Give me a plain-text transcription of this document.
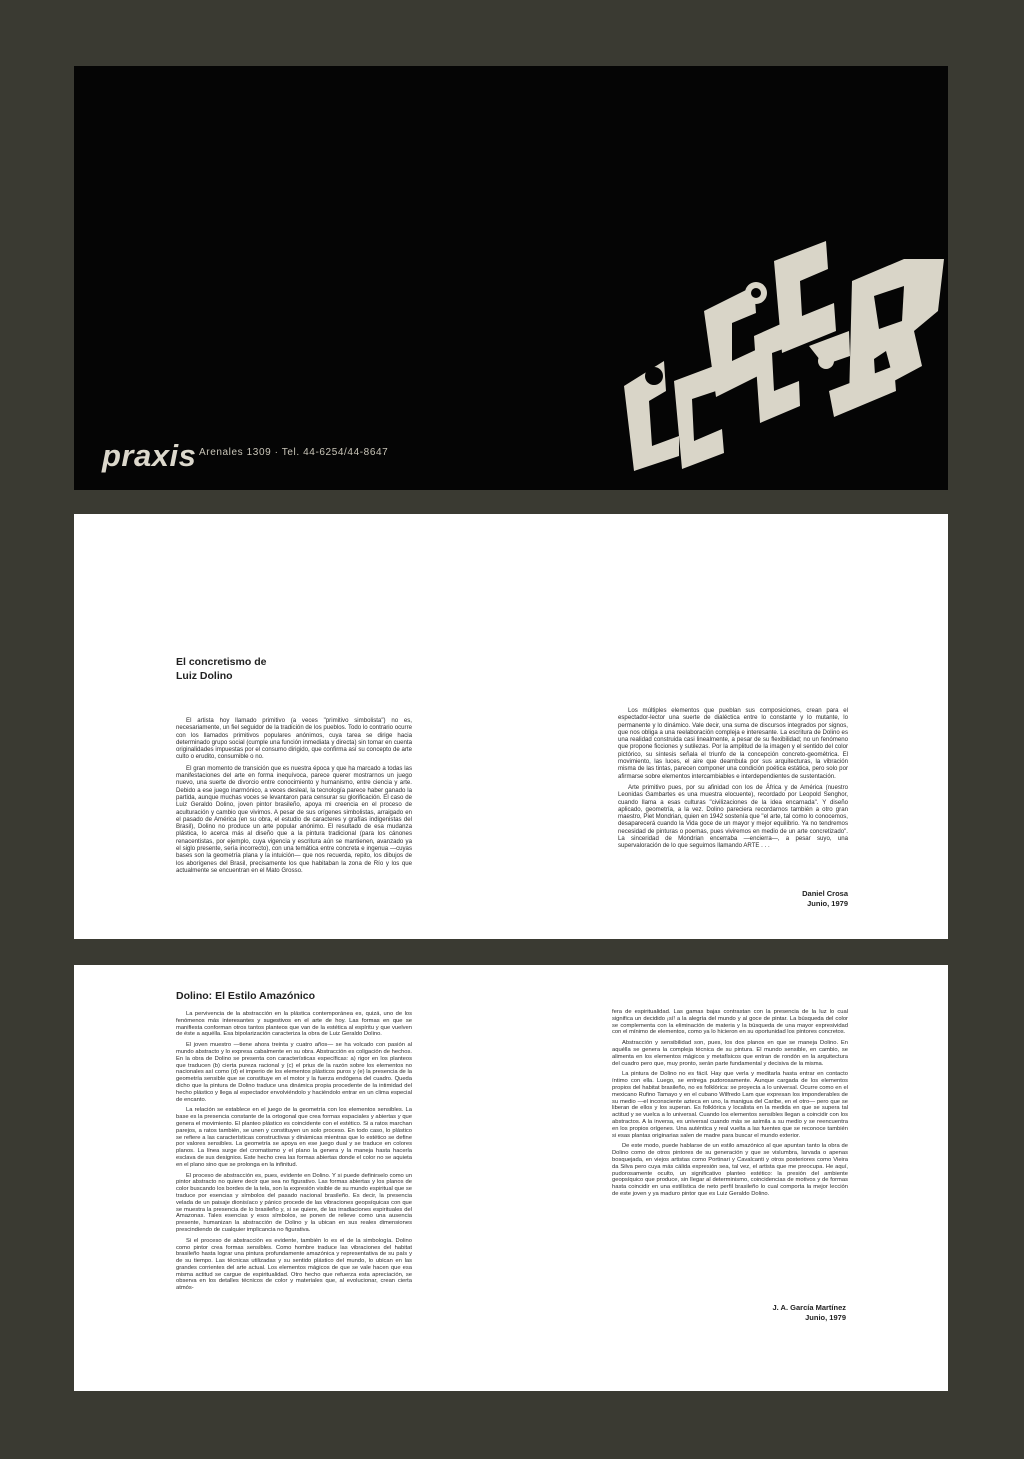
praxis Arenales 1309 · Tel. 44-6254/44-8647
El concretismo de
Luiz Dolino

El artista hoy llamado primitivo (a veces "primitivo simbolista") no es, necesariamente, un fiel seguidor de la tradición de los pueblos. Todo lo contrario ocurre con los llamados primitivos populares anónimos, cuya tarea se dirige hacia determinado grupo social (cumple una función inmediata y directa) sin tomar en cuenta originalidades impuestas por el consumo dirigido, que confirma así su concepto de arte culto o erudito, consumible o no.

El gran momento de transición que es nuestra época y que ha marcado a todas las manifestaciones del arte en forma inequívoca, parece querer mostrarnos un juego nuevo, una suerte de divorcio entre conocimiento y humanismo, entre ciencia y arte. Debido a ese juego inarmónico, a veces desleal, la tecnología parece haber ganado la partida, aunque muchas voces se levantaron para censurar su glorificación. El caso de Luiz Geraldo Dolino, joven pintor brasileño, apoya mi creencia en el proceso de aculturación y cambio que vivimos. A pesar de sus orígenes simbolistas, arraigado en el pasado de América (en su obra, el estudio de caracteres y grafías indigenistas del Brasil), Dolino no produce un arte popular anónimo. El resultado de esa mudanza plástica, lo acerca más al diseño que a la pintura tradicional (para los cánones renacentistas, por ejemplo, cuya vigencia y escritura aún se mantienen, avanzado ya el siglo presente, sería incorrecto), con una temática entre concreta e ingenua —cuyas bases son la geometría plana y la intuición— que nos recuerda, repito, los dibujos de los aborígenes del Brasil, precisamente los que habitaban la zona de Río y los que actualmente se encuentran en el Mato Grosso.

Los múltiples elementos que pueblan sus composiciones, crean para el espectador-lector una suerte de dialéctica entre lo constante y lo mutante, lo permanente y lo dinámico. Vale decir, una suma de discursos integrados por signos, que nos obliga a una reelaboración compleja e interesante. La escritura de Dolino es una realidad construida casi linealmente, a pesar de su flexibilidad; no un fenómeno que propone ficciones y sutilezas. Por la amplitud de la imagen y el sentido del color pictórico, su síntesis señala el triunfo de la concepción concreto-geométrica. El movimiento, las luces, el aire que deambula por sus arquitecturas, la vibración misma de las tintas, parecen componer una condición poética estática, pero solo por afirmarse sobre elementos intercambiables e interdependientes de sustentación.

Arte primitivo pues, por su afinidad con los de África y de América (nuestro Leonidas Gambartes es una muestra elocuente), recordado por Leopold Senghor, cuando llama a esas culturas "civilizaciones de la idea encarnada". Y diseño aplicado, geometría, a la vez. Dolino pareciera recordarnos también a otro gran maestro, Piet Mondrian, quien en 1942 sostenía que "el arte, tal como lo conocemos, desaparecerá cuando la Vida goce de un mayor y mejor equilibrio. Ya no tendremos necesidad de pinturas o poemas, pues viviremos en medio de un arte concretizado". La sinceridad de Mondrian encerraba —encierra—, a pesar suyo, una supervaloración de lo que seguimos llamando ARTE . . .

Daniel Crosa
Junio, 1979
Dolino: El Estilo Amazónico

La pervivencia de la abstracción en la plástica contemporánea es, quizá, uno de los fenómenos más interesantes y sugestivos en el arte de hoy. Las formas en que se manifiesta conforman otros tantos planteos que van de la estética al espíritu y que vuelven de éste a aquélla. Esa bipolarización caracteriza la obra de Luiz Geraldo Dolino.

El joven muestro —tiene ahora treinta y cuatro años— se ha volcado con pasión al mundo abstracto y lo expresa cabalmente en su obra. Abstracción es coligación de hechos. En la obra de Dolino se presenta con características específicas: a) rigor en los planteos que traducen (b) cierta pureza racional y (c) el prius de la razón sobre los elementos no nacionales así como (d) el imperio de los elementos plásticos puros y (e) la presencia de la geometría sensible que se constituye en el motor y la fuerza endógena del cuadro. Queda dicho que la pintura de Dolino traduce una dinámica propia procedente de la intimidad del hecho plástico y llega al espectador envolviéndolo y haciéndolo entrar en un clima especial de encanto.

La relación se establece en el juego de la geometría con los elementos sensibles. La base es la presencia constante de la ortogonal que crea formas espaciales y abiertas y que genera el movimiento. El planteo plástico es coincidente con el estético. Si a ratos marchan parejos, a ratos también, se unen y constituyen un solo proceso. En todo caso, lo plástico se refiere a las características constructivas y dinámicas mientras que lo estético se define por valores sensibles. La geometría se apoya en ese juego dual y se traduce en colores planos. La línea surge del cromatismo y el plano la genera y la maneja hasta hacerla esclava de sus designios. Este hecho crea las formas abiertas donde el color no se aquieta en el plano sino que se prolonga en la infinitud.

El proceso de abstracción es, pues, evidente en Dolino. Y si puede definirselo como un pintor abstracto no quiere decir que sea no figurativo. Las formas abiertas y los planos de color buscando los bordes de la tela, son la expresión visible de su mundo espiritual que se traduce por esencias y símbolos del pasado nacional brasileño. Es decir, la presencia velada de un paisaje dionisíaco y pánico procede de las vibraciones geopsíquicas con que se muestra la presencia de lo brasileño y, si se quiere, de las irradiaciones espirituales del Amazonas. Tales esencias y esos símbolos, se ponen de relieve como una ausencia presente, humanizan la abstracción de Dolino y la ubican en sus reales dimensiones prescindiendo de cualquier implicancia no figurativa.

Si el proceso de abstracción es evidente, también lo es el de la simbología. Dolino como pintor crea formas sensibles. Como hombre traduce las vibraciones del habitat brasileño hasta lograr una pintura profundamente amazónica y representativa de su país y de su tiempo. Las técnicas utilizadas y su sentido plástico del mundo, lo ubican en las grandes corrientes del arte actual. Los elementos mágicos de que se vale hacen que esa misma actitud se cargue de espiritualidad. Otro hecho que refuerza esta apreciación, se observa en los detalles técnicos de color y materiales que, al evolucionar, crean cierta atmós-

fera de espiritualidad. Las gamas bajas contrastan con la presencia de la luz lo cual significa un decidido ¡sí! a la alegría del mundo y al goce de pintar. La búsqueda del color se complementa con la eliminación de materia y la búsqueda de una mayor expresividad con el mínimo de elementos, como ya lo hicieron en su oportunidad los pintores concretos.

Abstracción y sensibilidad son, pues, los dos planos en que se maneja Dolino. En aquélla se genera la compleja técnica de su pintura. El mundo sensible, en cambio, se alimenta en los elementos mágicos y metafísicos que entran de rondón en la arquitectura del cuadro pero que, muy pronto, serán parte fundamental y decisiva de la misma.

La pintura de Dolino no es fácil. Hay que verla y meditarla hasta entrar en contacto íntimo con ella. Luego, se entrega pudorosamente. Aunque cargada de los elementos propios del habitat brasileño, no es folklórica: se proyecta a lo universal. Ocurre como en el mexicano Rufino Tamayo y en el cubano Wilfredo Lam que expresan los imponderables de su medio —el inconsciente azteca en uno, la manigua del Caribe, en el otro— pero que se liberan de ellos y los superan. Es folklórica y localista en la medida en que se supera tal actitud y se vuelca a lo universal. Cuando los elementos sensibles llegan a coincidir con los abstractos. A la inversa, es universal cuando más se asimila a su medio y se reencuentra en los propios orígenes. Una auténtica y real vuelta a las fuentes que se reconoce también si esas plantas originarias salen de madre para buscar el mundo exterior.

De este modo, puede hablarse de un estilo amazónico al que apuntan tanto la obra de Dolino como de otros pintores de su generación y que se vislumbra, larvada o apenas bosquejada, en viejos artistas como Portinari y Cavalcanti y otros posteriores como Vieira da Silva pero cuya más cálida expresión sea, tal vez, el artista que me preocupa. He aquí, pudorosamente oculto, un significativo planteo estético: la presión del ambiente geopsíquico que produce, sin llegar al determinismo, coincidencias de motivos y de formas hasta coincidir en una estilística de neto perfil brasileño lo cual comporta la mejor lección de este joven y ya maduro pintor que es Luiz Geraldo Dolino.

J. A. García Martínez
Junio, 1979
